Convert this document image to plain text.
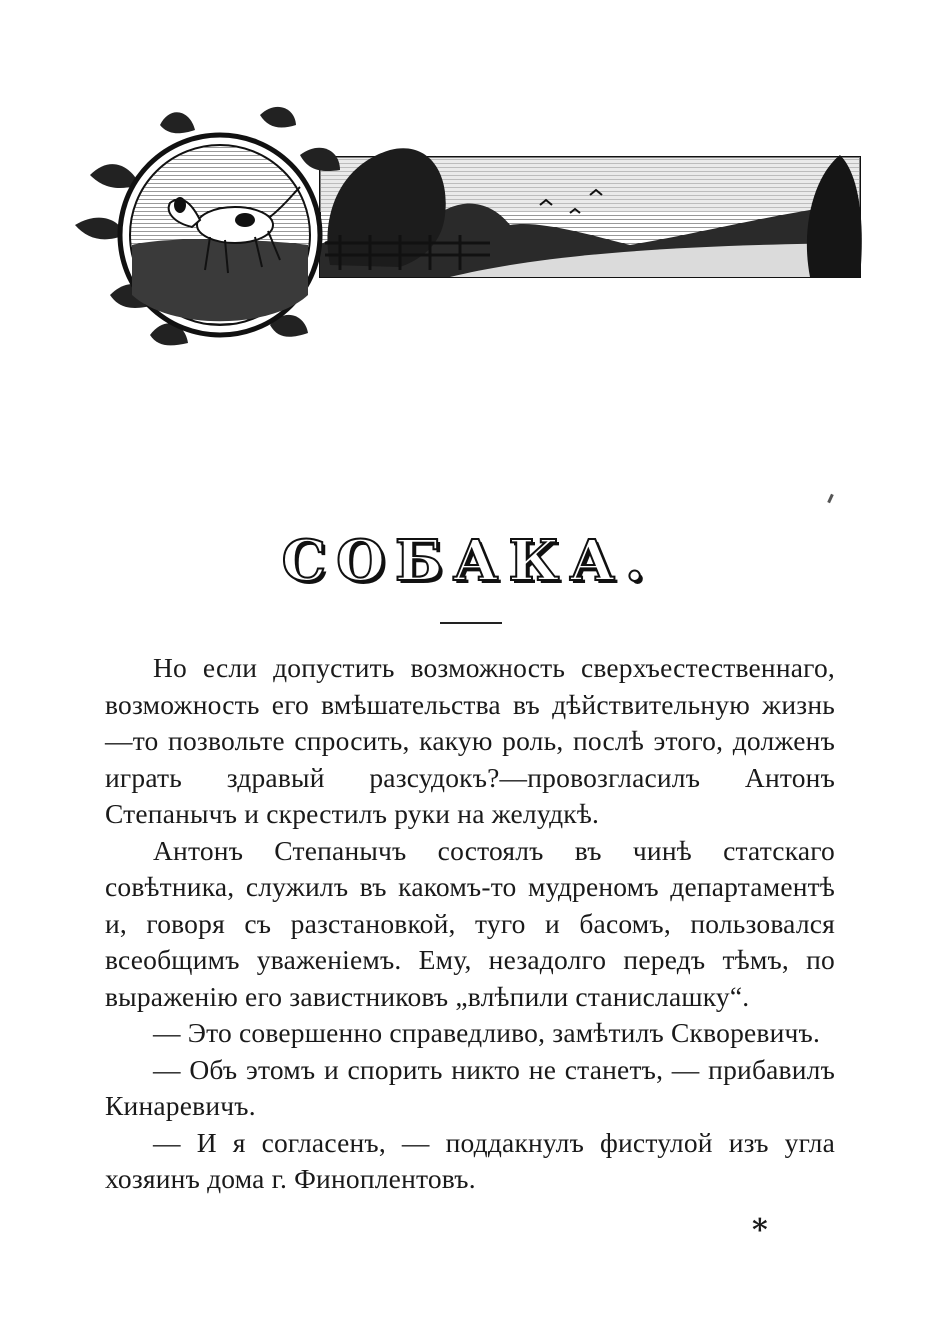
СОБАКА.

Но если допустить возможность сверхъестественнаго, возможность его вмѣшательства въ дѣйствительную жизнь—то позвольте спросить, какую роль, послѣ этого, долженъ играть здравый разсудокъ?—провозгласилъ Антонъ Степанычъ и скрестилъ руки на желудкѣ.

Антонъ Степанычъ состоялъ въ чинѣ статскаго совѣтника, служилъ въ какомъ-то мудреномъ департаментѣ и, говоря съ разстановкой, туго и басомъ, пользовался всеобщимъ уваженіемъ. Ему, незадолго передъ тѣмъ, по выраженію его завистниковъ „влѣпили станислашку“.

— Это совершенно справедливо, замѣтилъ Скворевичъ.

— Объ этомъ и спорить никто не станетъ, — прибавилъ Кинаревичъ.

— И я согласенъ, — поддакнулъ фистулой изъ угла хозяинъ дома г. Финоплентовъ.

*
